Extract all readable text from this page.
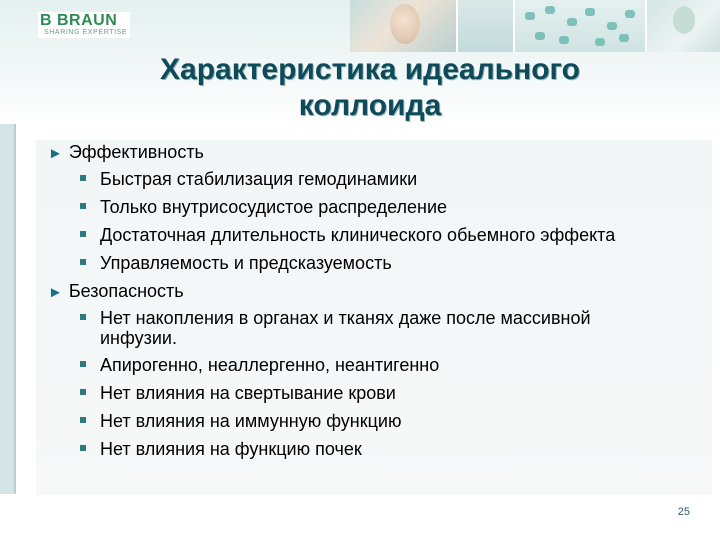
B BRAUN
SHARING EXPERTISE
Характеристика идеального
коллоида
► Эффективность
Быстрая стабилизация гемодинамики
Только внутрисосудистое распределение
Достаточная длительность клинического обьемного эффекта
Управляемость и предсказуемость
► Безопасность
Нет накопления в органах и тканях даже после массивной инфузии.
Апирогенно, неаллергенно, неантигенно
Нет влияния на свертывание крови
Нет влияния на иммунную функцию
Нет влияния на функцию почек
25
